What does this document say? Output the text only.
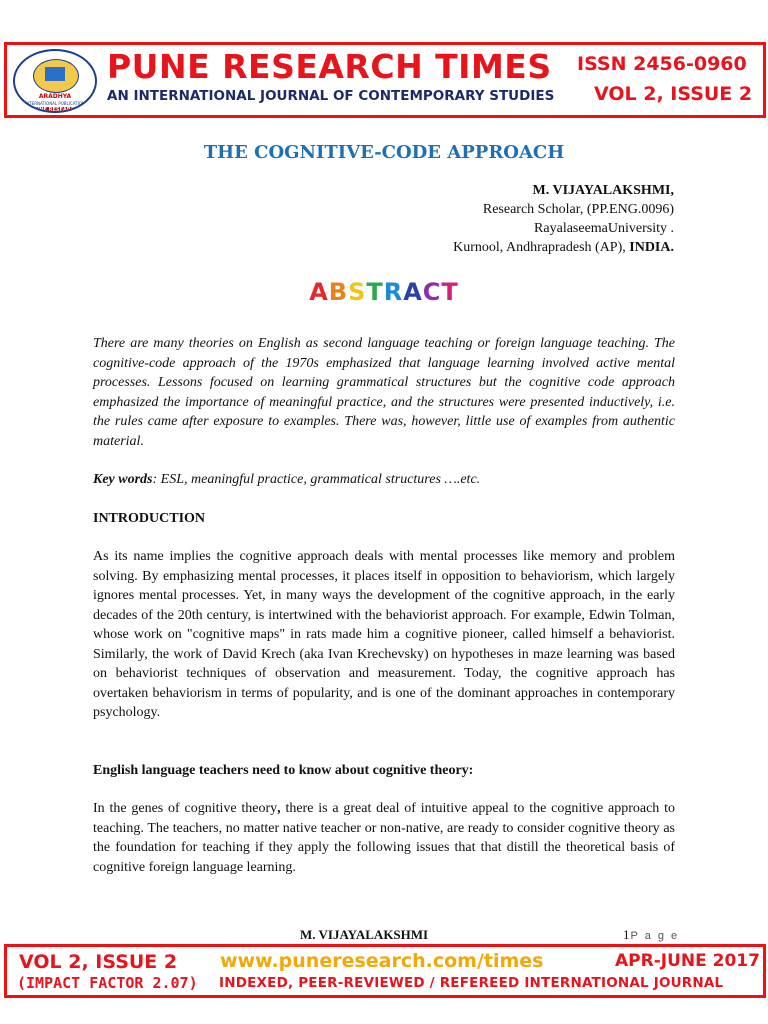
ARADHYA
INTERNATIONAL PUBLICATION
PUNE RESEARCH
PUNE RESEARCH TIMES
AN INTERNATIONAL JOURNAL OF CONTEMPORARY STUDIES
ISSN 2456-0960
VOL 2, ISSUE 2
THE COGNITIVE-CODE APPROACH
M. VIJAYALAKSHMI,
Research Scholar, (PP.ENG.0096)
RayalaseemaUniversity .
Kurnool, Andhrapradesh (AP), INDIA.
ABSTRACT
There are many theories on English as second language teaching or foreign language teaching. The cognitive-code approach of the 1970s emphasized that language learning involved active mental processes. Lessons focused on learning grammatical structures but the cognitive code approach emphasized the importance of meaningful practice, and the structures were presented inductively, i.e. the rules came after exposure to examples. There was, however, little use of examples from authentic material.
Key words: ESL, meaningful practice, grammatical structures ….etc.
INTRODUCTION
As its name implies the cognitive approach deals with mental processes like memory and problem solving. By emphasizing mental processes, it places itself in opposition to behaviorism, which largely ignores mental processes. Yet, in many ways the development of the cognitive approach, in the early decades of the 20th century, is intertwined with the behaviorist approach. For example, Edwin Tolman, whose work on "cognitive maps" in rats made him a cognitive pioneer, called himself a behaviorist. Similarly, the work of David Krech (aka Ivan Krechevsky) on hypotheses in maze learning was based on behaviorist techniques of observation and measurement. Today, the cognitive approach has overtaken behaviorism in terms of popularity, and is one of the dominant approaches in contemporary psychology.
English language teachers need to know about cognitive theory:
In the genes of cognitive theory, there is a great deal of intuitive appeal to the cognitive approach to teaching. The teachers, no matter native teacher or non-native, are ready to consider cognitive theory as the foundation for teaching if they apply the following issues that that distill the theoretical basis of cognitive foreign language learning.
M. VIJAYALAKSHMI	1P a g e
VOL 2, ISSUE 2 www.puneresearch.com/times	APR-JUNE 2017
(IMPACT FACTOR 2.07) INDEXED, PEER-REVIEWED / REFEREED INTERNATIONAL JOURNAL
